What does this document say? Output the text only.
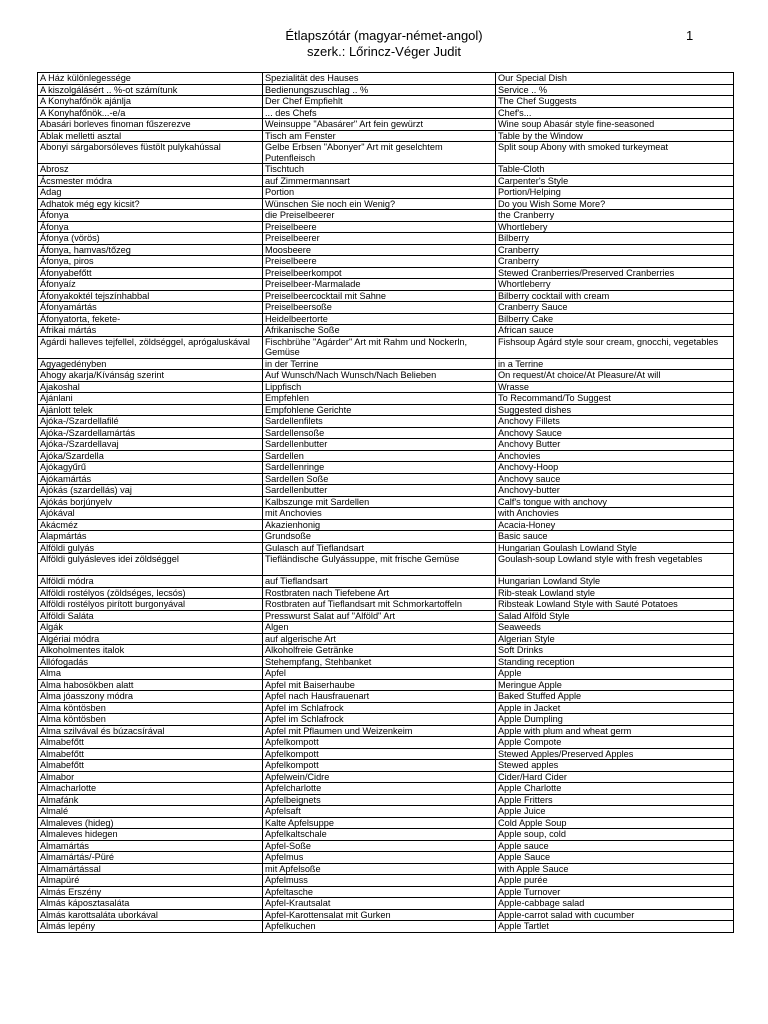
Étlapszótár (magyar-német-angol)
szerk.: Lőrincz-Véger Judit
1
A Ház különlegessége	Spezialität des Hauses	Our Special Dish
A kiszolgálásért .. %-ot számítunk	Bedienungszuschlag .. %	Service .. %
A Konyhafőnök ajánlja	Der Chef Empfiehlt	The Chef Suggests
A Konyhafőnök...-e/a	... des Chefs	Chef's...
Abasári borleves finoman fűszerezve	Weinsuppe "Abasárer" Art fein gewürzt	Wine soup Abasár style fine-seasoned
Ablak melletti asztal	Tisch am Fenster	Table by the Window
Abonyi sárgaborsóleves füstölt pulykahússal	Gelbe Erbsen "Abonyer" Art mit geselchtem Putenfleisch	Split soup Abony with smoked turkeymeat
Abrosz	Tischtuch	Table-Cloth
Ácsmester módra	auf Zimmermannsart	Carpenter's Style
Adag	Portion	Portion/Helping
Adhatok még egy kicsit?	Wünschen Sie noch ein Wenig?	Do you Wish Some More?
Áfonya	die Preiselbeerer	the Cranberry
Áfonya	Preiselbeere	Whortlebery
Áfonya (vörös)	Preiselbeerer	Bilberry
Áfonya, hamvas/tőzeg	Moosbeere	Cranberry
Áfonya, piros	Preiselbeere	Cranberry
Áfonyabefőtt	Preiselbeerkompot	Stewed Cranberries/Preserved Cranberries
Áfonyaíz	Preiselbeer-Marmalade	Whortleberry
Áfonyakoktél tejszínhabbal	Preiselbeercocktail mit Sahne	Bilberry cocktail with cream
Áfonyamártás	Preiselbeersoße	Cranberry Sauce
Áfonyatorta, fekete-	Heidelbeertorte	Bilberry Cake
Afrikai mártás	Afrikanische Soße	African sauce
Agárdi halleves tejfellel, zöldséggel, aprógaluskával	Fischbrühe "Agárder" Art mit Rahm und Nockerln, Gemüse	Fishsoup Agárd style sour cream, gnocchi, vegetables
Agyagedényben	in der Terrine	in a Terrine
Ahogy akarja/Kívánság szerint	Auf Wunsch/Nach Wunsch/Nach Belieben	On request/At choice/At Pleasure/At will
Ajakoshal	Lippfisch	Wrasse
Ajánlani	Empfehlen	To Recommand/To Suggest
Ajánlott telek	Empfohlene Gerichte	Suggested dishes
Ajóka-/Szardellafilé	Sardellenfilets	Anchovy Fillets
Ajóka-/Szardellamártás	Sardellensoße	Anchovy Sauce
Ajóka-/Szardellavaj	Sardellenbutter	Anchovy Butter
Ajóka/Szardella	Sardellen	Anchovies
Ajókagyűrű	Sardellenringe	Anchovy-Hoop
Ajókamártás	Sardellen Soße	Anchovy sauce
Ajókás (szardellás) vaj	Sardellenbutter	Anchovy-butter
Ajókás borjúnyelv	Kalbszunge mit Sardellen	Calf's tongue with anchovy
Ajókával	mit Anchovies	with Anchovies
Akácméz	Akazienhonig	Acacia-Honey
Alapmártás	Grundsoße	Basic sauce
Alföldi gulyás	Gulasch auf Tieflandsart	Hungarian Goulash Lowland Style
Alföldi gulyásleves idei zöldséggel	Tiefländische Gulyássuppe, mit frische Gemüse	Goulash-soup Lowland style with fresh vegetables
Alföldi módra	auf Tieflandsart	Hungarian Lowland Style
Alföldi rostélyos (zöldséges, lecsós)	Rostbraten nach Tiefebene Art	Rib-steak Lowland style
Alföldi rostélyos pirított burgonyával	Rostbraten auf Tieflandsart mit Schmorkartoffeln	Ribsteak Lowland Style with Sauté Potatoes
Alföldi Saláta	Presswurst Salat auf "Alföld" Art	Salad Alföld Style
Algák	Algen	Seaweeds
Algériai módra	auf algerische Art	Algerian Style
Alkoholmentes italok	Alkoholfreie Getränke	Soft Drinks
Állófogadás	Stehempfang, Stehbanket	Standing reception
Alma	Apfel	Apple
Alma habosökben alatt	Apfel mit Baiserhaube	Meringue Apple
Alma jóasszony módra	Apfel nach Hausfrauenart	Baked Stuffed Apple
Alma köntösben	Apfel im Schlafrock	Apple in Jacket
Alma köntösben	Apfel im Schlafrock	Apple Dumpling
Alma szilvával és búzacsírával	Apfel mit Pflaumen und Weizenkeim	Apple with plum and wheat germ
Almabefőtt	Apfelkompott	Apple Compote
Almabefőtt	Apfelkompott	Stewed Apples/Preserved Apples
Almabefőtt	Apfelkompott	Stewed apples
Almabor	Apfelwein/Cidre	Cider/Hard Cider
Almacharlotte	Apfelcharlotte	Apple Charlotte
Almafánk	Apfelbeignets	Apple Fritters
Almalé	Apfelsaft	Apple Juice
Almaleves (hideg)	Kalte Apfelsuppe	Cold Apple Soup
Almaleves hidegen	Apfelkaltschale	Apple soup, cold
Almamártás	Apfel-Soße	Apple sauce
Almamártás/-Püré	Apfelmus	Apple Sauce
Almamártással	mit Apfelsoße	with Apple Sauce
Almapüré	Apfelmuss	Apple purée
Almás Erszény	Apfeltasche	Apple Turnover
Almás káposztasaláta	Apfel-Krautsalat	Apple-cabbage salad
Almás karottsaláta uborkával	Apfel-Karottensalat mit Gurken	Apple-carrot salad with cucumber
Almás lepény	Apfelkuchen	Apple Tartlet
